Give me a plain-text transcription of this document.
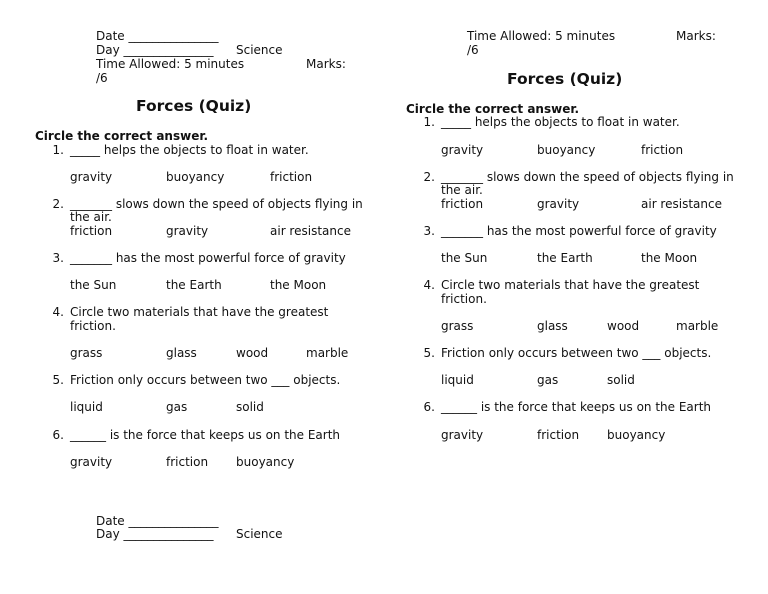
Date _______________
Day _______________ Science
Time Allowed: 5 minutes	Marks:
/6
Forces (Quiz)
Circle the correct answer.
1. _____ helps the objects to float in water.
gravity	buoyancy	friction
2. _______ slows down the speed of objects flying in
the air.
friction	gravity	air resistance
3. _______ has the most powerful force of gravity
the Sun	the Earth	the Moon
4. Circle two materials that have the greatest
friction.
grass	glass	wood	marble
5. Friction only occurs between two ___ objects.
liquid	gas	solid
6. ______ is the force that keeps us on the Earth
gravity	friction buoyancy
Date _______________
Day _______________ Science
Time Allowed: 5 minutes	Marks:
/6
Forces (Quiz)
Circle the correct answer.
1. _____ helps the objects to float in water.
gravity	buoyancy	friction
2. _______ slows down the speed of objects flying in
the air.
friction	gravity	air resistance
3. _______ has the most powerful force of gravity
the Sun	the Earth	the Moon
4. Circle two materials that have the greatest
friction.
grass	glass	wood	marble
5. Friction only occurs between two ___ objects.
liquid	gas	solid
6. ______ is the force that keeps us on the Earth
gravity	friction buoyancy
